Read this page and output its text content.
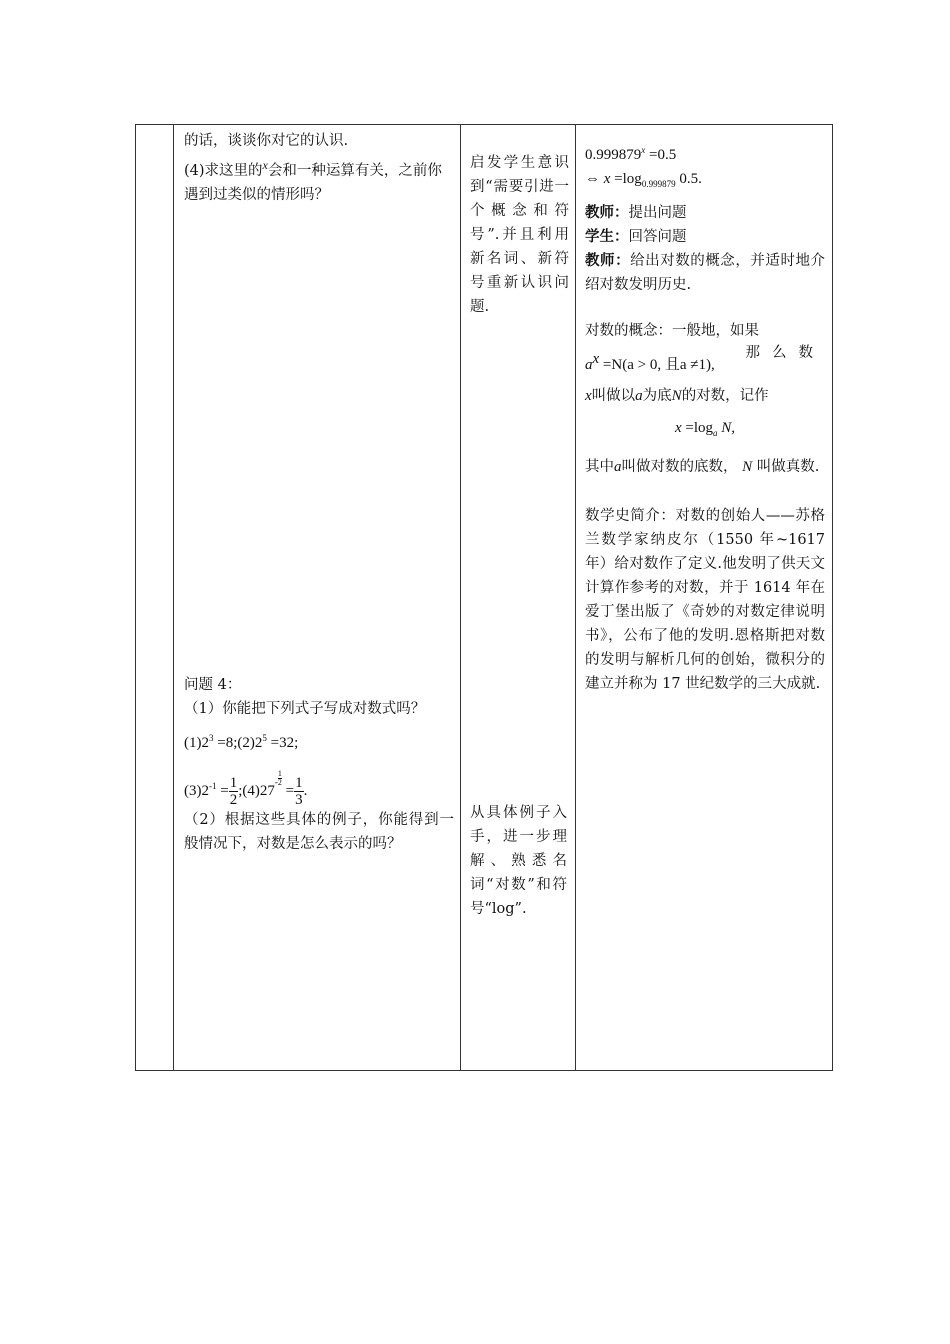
的话，谈谈你对它的认识.
(4)求这里的$^x$会和一种运算有关，之前你遇到过类似的情形吗？
问题 4：
（1）你能把下列式子写成对数式吗？
$(1)2^3$ $=8;(2)2^5 =32$;
$(3)2^{-1} = \frac{1}{2}$ $;(4)27^{- \frac{1}{2}} = \frac{1}{3}$ .
（2）根据这些具体的例子，你能得到一般情况下，对数是怎么表示的吗？
启发学生意识到“需要引进一个概念和符号”.并且利用新名词、新符号重新认识问题.
从具体例子入手，进一步理解、熟悉名词“对数”和符号“log”.
$0.999879^x =0.5$
⇔ $x =\log_{0.999879}$ 0.5.
教师：提出问题
学生：回答问题
教师：给出对数的概念，并适时地介绍对数发明历史.
对数的概念：一般地，如果
$a^x =N(a > 0$, 且a ≠1),
那么数
x叫做以a为底N的对数，记作
$x =\log_a$ N,
其中a叫做对数的底数， N 叫做真数.
数学史简介：对数的创始人——苏格兰数学家纳皮尔（1550 年~1617 年）给对数作了定义.他发明了供天文计算作参考的对数，并于 1614 年在爱丁堡出版了《奇妙的对数定律说明书》，公布了他的发明.恩格斯把对数的发明与解析几何的创始，微积分的建立并称为 17 世纪数学的三大成就.
